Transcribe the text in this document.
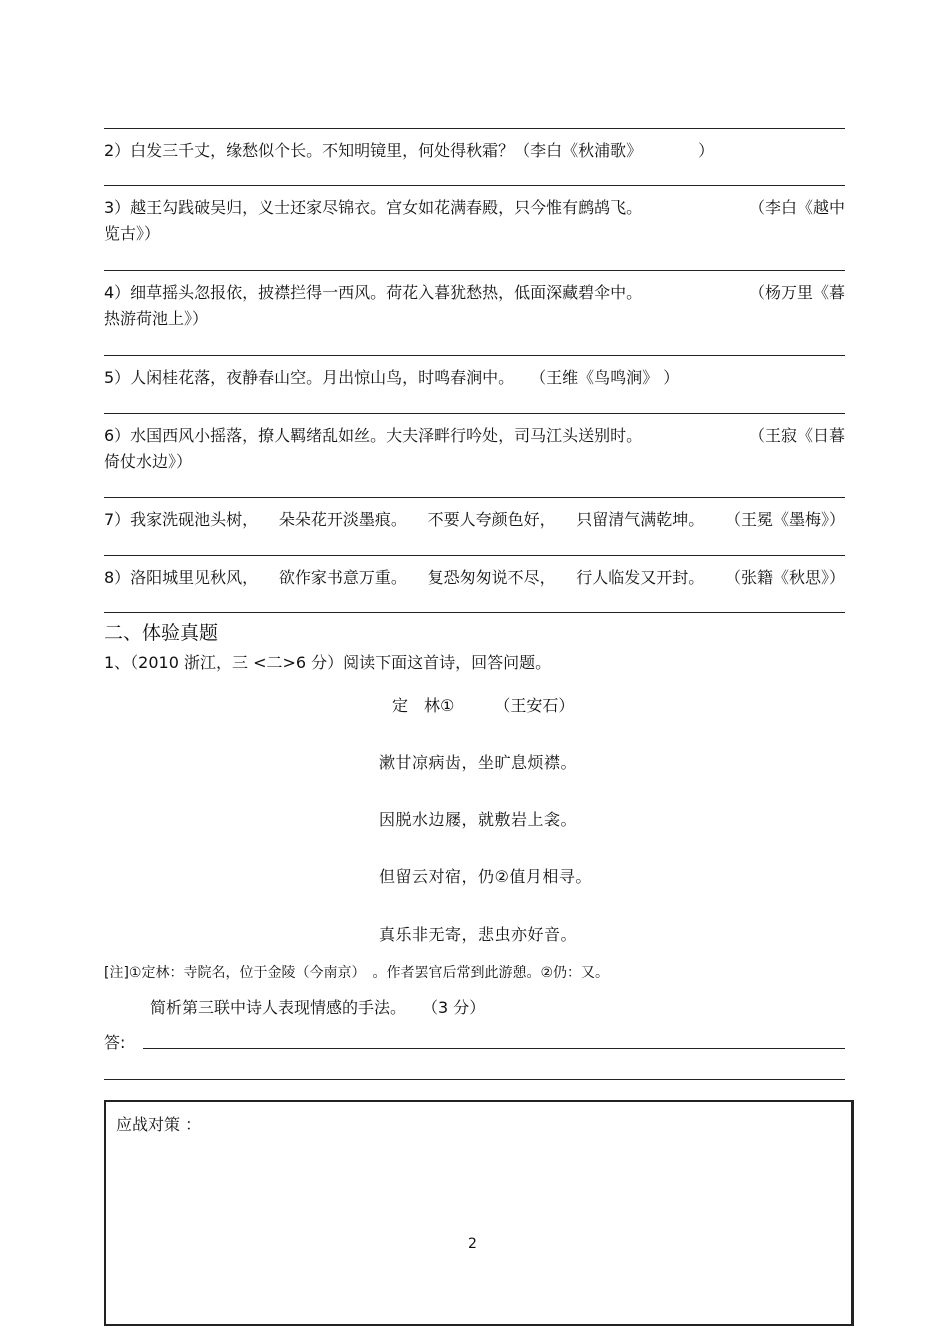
2）白发三千丈，缘愁似个长。不知明镜里，何处得秋霜？（李白《秋浦歌》　　　　）
（李白《越中
3）越王勾践破吴归，义士还家尽锦衣。宫女如花满春殿，只今惟有鹧鸪飞。
览古》）
（杨万里《暮
4）细草摇头忽报依，披襟拦得一西风。荷花入暮犹愁热，低面深藏碧伞中。
热游荷池上》）
5）人闲桂花落，夜静春山空。月出惊山鸟，时鸣春涧中。　　（王维《鸟鸣涧》 ）
（王寂《日暮
6）水国西风小摇落，撩人羁绪乱如丝。大夫泽畔行吟处，司马江头送别时。
倚仗水边》）
7）我家洗砚池头树， 朵朵花开淡墨痕。 不要人夸颜色好， 只留清气满乾坤。 （王冕《墨梅》）
8）洛阳城里见秋风， 欲作家书意万重。 复恐匆匆说不尽， 行人临发又开封。 （张籍《秋思》）
二、体验真题
1、（2010 浙江，三 <二>6 分）阅读下面这首诗，回答问题。
定　林①　　　（王安石）
漱甘凉病齿，坐旷息烦襟。
因脱水边屦，就敷岩上衾。
但留云对宿，仍②值月相寻。
真乐非无寄，悲虫亦好音。
[注]①定林：寺院名，位于金陵（今南京）　。作者罢官后常到此游憩。②仍：又。
简析第三联中诗人表现情感的手法。　　（3 分）
答:
应战对策 ：
2
